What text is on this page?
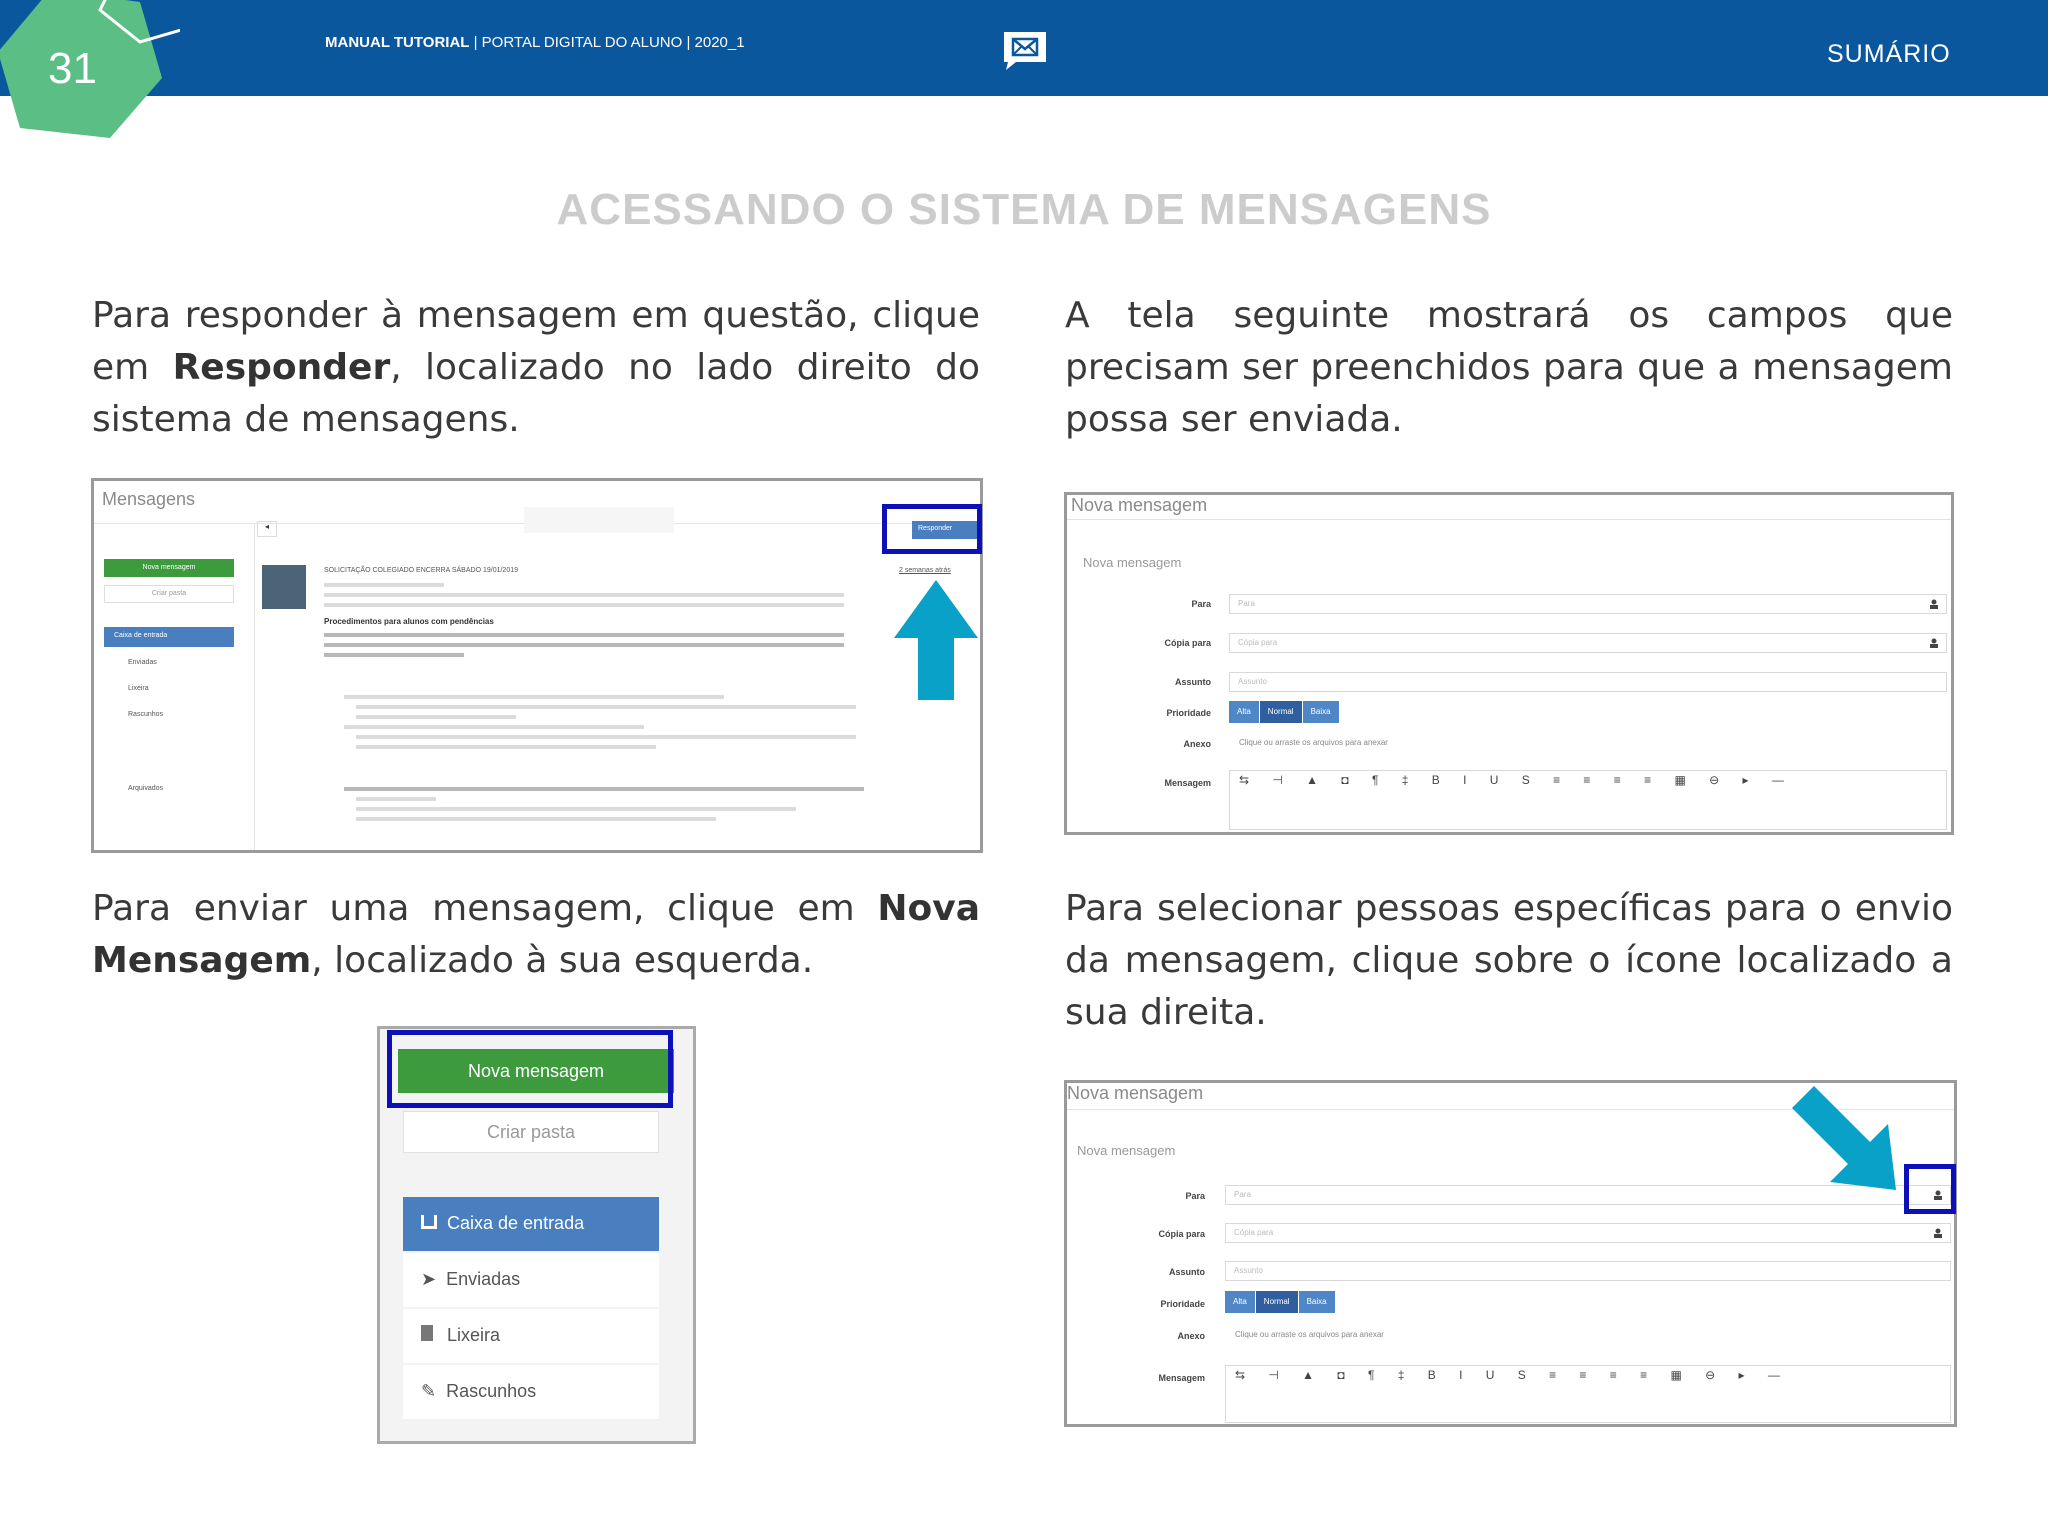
31
MANUAL TUTORIAL | PORTAL DIGITAL DO ALUNO | 2020_1	SUMÁRIO
ACESSANDO O SISTEMA DE MENSAGENS
Para responder à mensagem em questão, clique em Responder, localizado no lado direito do sistema de mensagens.
A tela seguinte mostrará os campos que precisam ser preenchidos para que a mensagem possa ser enviada.
Para enviar uma mensagem, clique em Nova Mensagem, localizado à sua esquerda.
Para selecionar pessoas específicas para o envio da mensagem, clique sobre o ícone localizado a sua direita.
Mensagens
Nova mensagem
Criar pasta
Caixa de entrada
Enviadas
Lixeira
Rascunhos
Arquivados
◂	Responder
SOLICITAÇÃO COLEGIADO ENCERRA SÁBADO 19/01/2019	2 semanas atrás
Procedimentos para alunos com pendências
Nova mensagem
Nova mensagem
Para	Para
Cópia para	Cópia para
Assunto	Assunto
Prioridade	Alta	Normal	Baixa
Anexo	Clique ou arraste os arquivos para anexar
Mensagem ⇆ ⊣ ▲ ◘ ¶ ‡ B I U S ≡ ≡ ≡ ≡ ▦ ⊖ ▸ —
Nova mensagem
Criar pasta
Caixa de entrada
➤ Enviadas
Lixeira
✎ Rascunhos
Nova mensagem
Nova mensagem
Para	Para
Cópia para	Cópia para
Assunto	Assunto
Prioridade	Alta	Normal	Baixa
Anexo	Clique ou arraste os arquivos para anexar
Mensagem	⇆ ⊣ ▲ ◘ ¶ ‡ B I U S ≡ ≡ ≡ ≡ ▦ ⊖ ▸ —
